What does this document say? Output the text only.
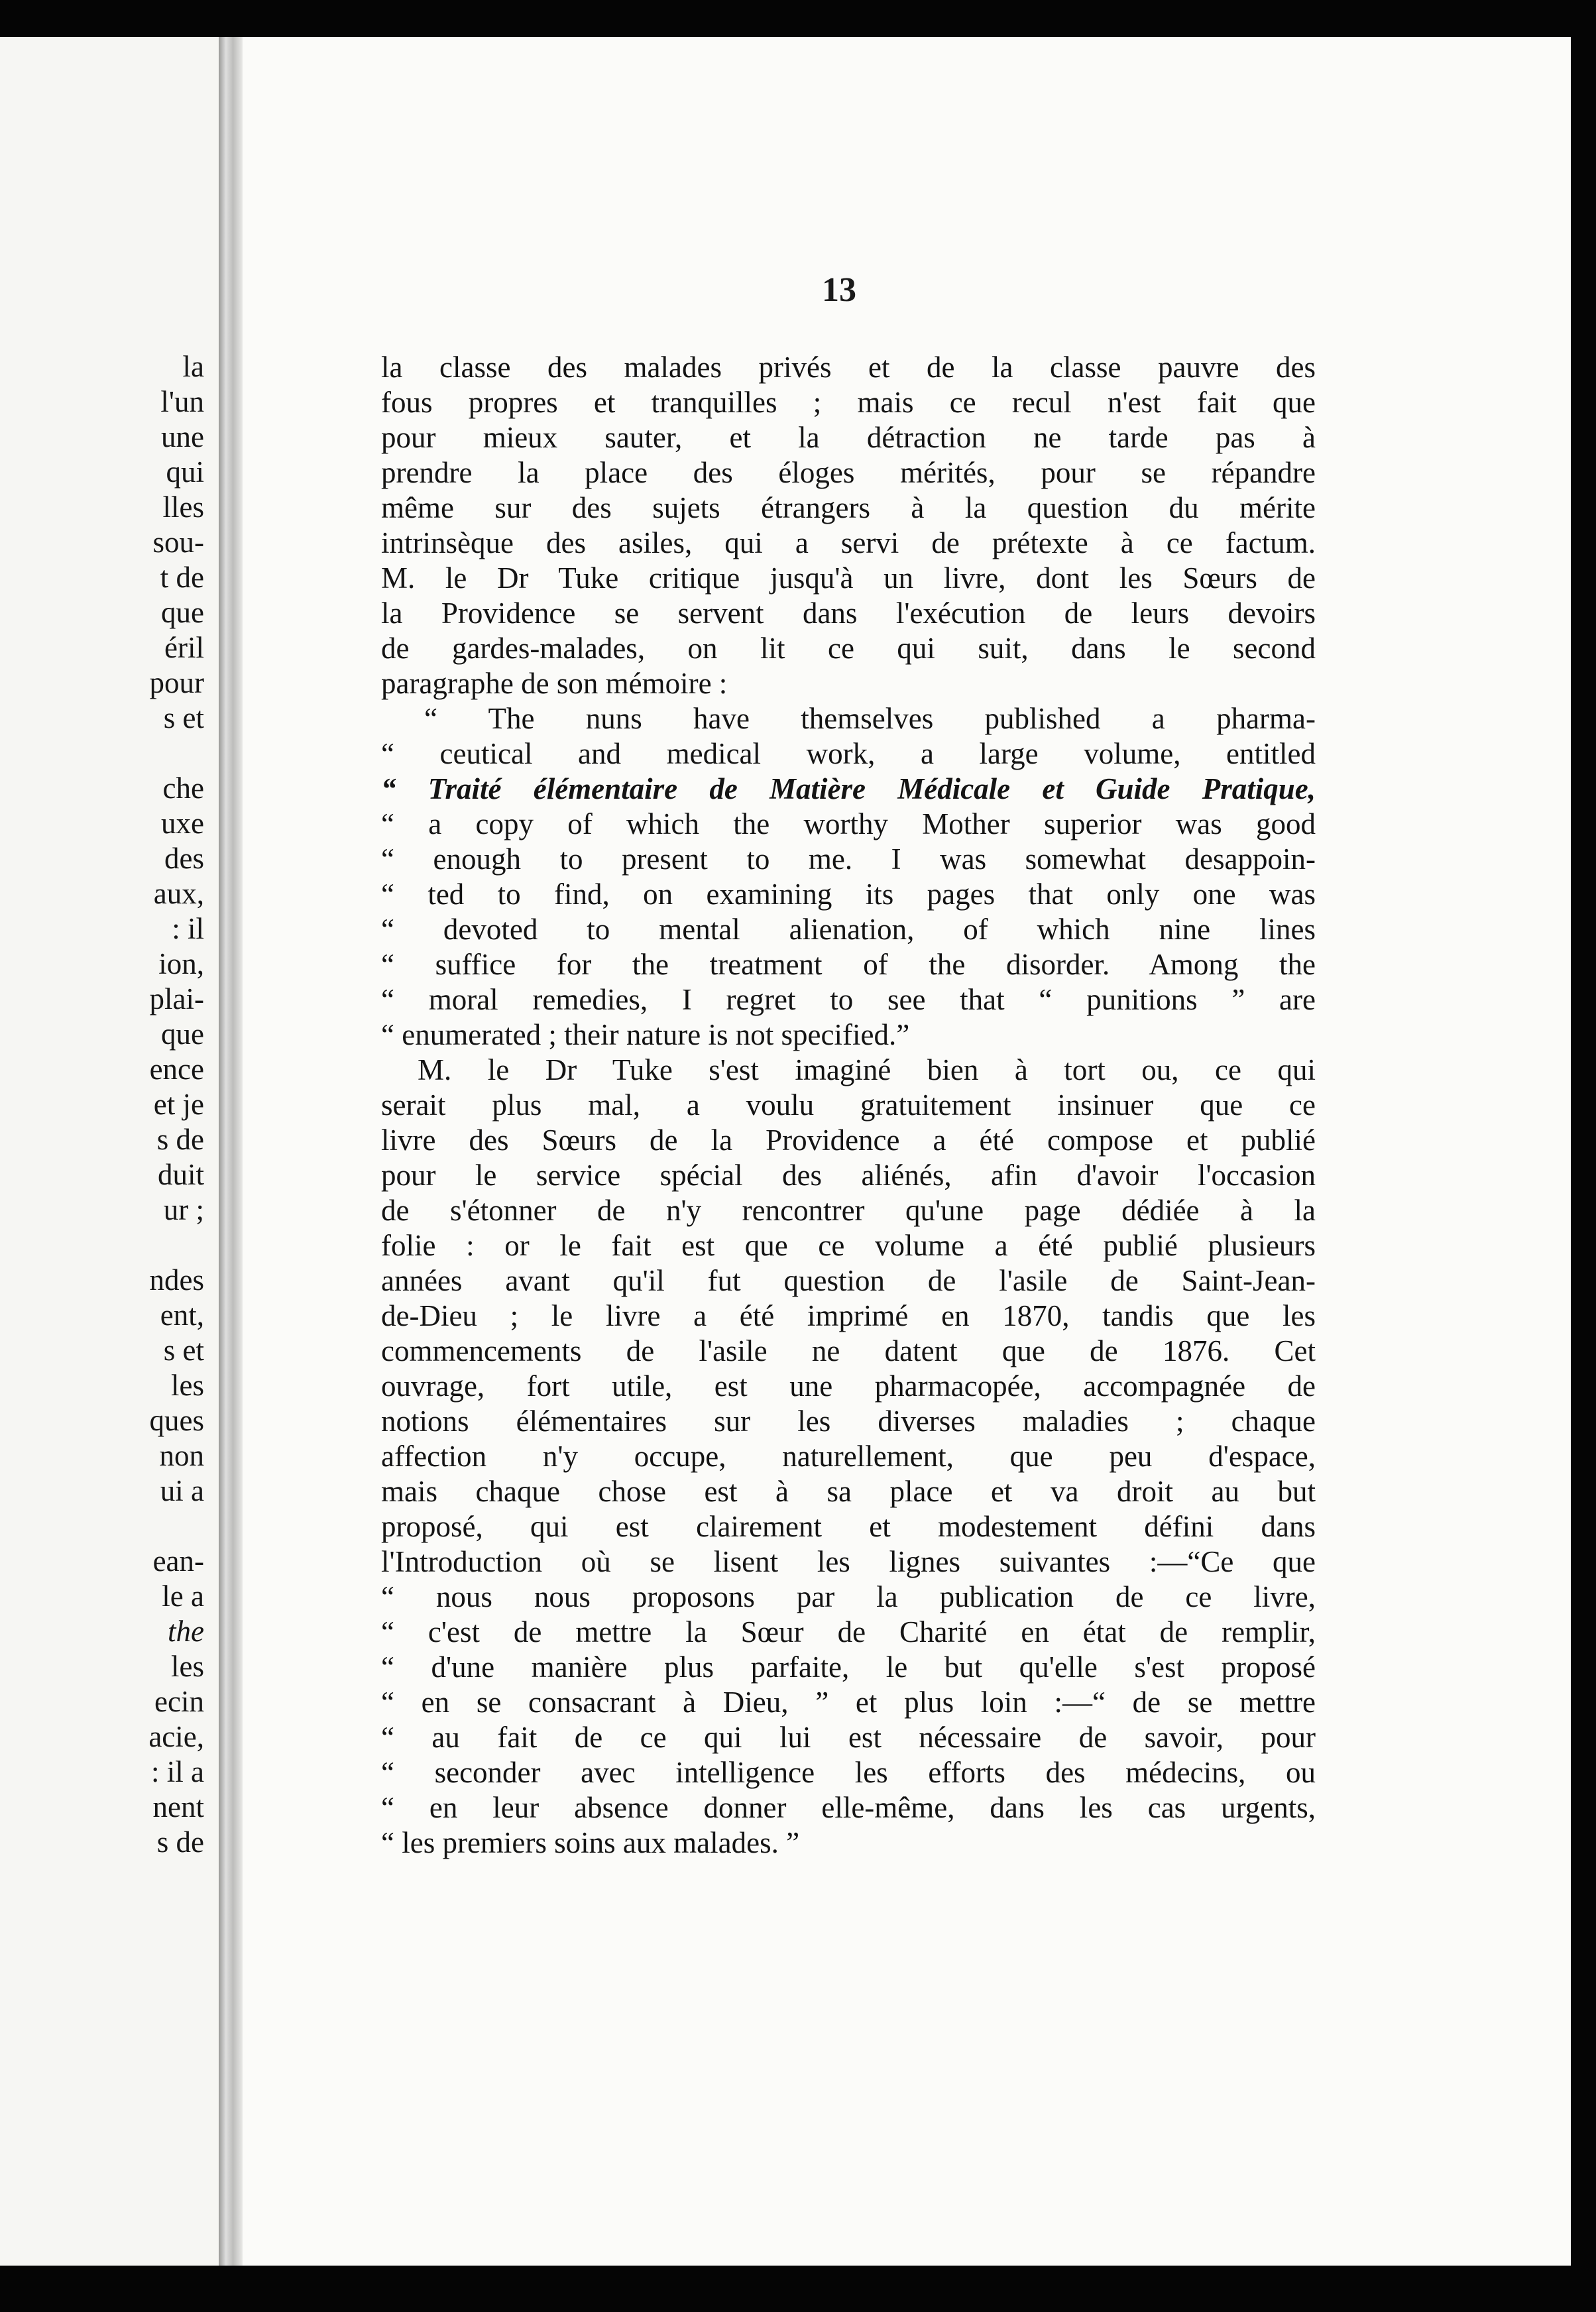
la
l'un
une
qui
lles
sou-
t de
que
éril
pour
s et
che
uxe
des
aux,
: il
ion,
plai-
que
ence
et je
s de
duit
ur ;
ndes
ent,
s et
les
ques
non
ui a
ean-
le a
the
les
ecin
acie,
: il a
nent
s de
13
la classe des malades privés et de la classe pauvre des
fous propres et tranquilles ; mais ce recul n'est fait que
pour mieux sauter, et la détraction ne tarde pas à
prendre la place des éloges mérités, pour se répandre
même sur des sujets étrangers à la question du mérite
intrinsèque des asiles, qui a servi de prétexte à ce factum.
M. le Dr Tuke critique jusqu'à un livre, dont les Sœurs de
la Providence se servent dans l'exécution de leurs devoirs
de gardes-malades, on lit ce qui suit, dans le second
paragraphe de son mémoire :
“ The nuns have themselves published a pharma-
“ ceutical and medical work, a large volume, entitled
“ Traité élémentaire de Matière Médicale et Guide Pratique,
“ a copy of which the worthy Mother superior was good
“ enough to present to me. I was somewhat desappoin-
“ ted to find, on examining its pages that only one was
“ devoted to mental alienation, of which nine lines
“ suffice for the treatment of the disorder. Among the
“ moral remedies, I regret to see that “ punitions ” are
“ enumerated ; their nature is not specified.”
M. le Dr Tuke s'est imaginé bien à tort ou, ce qui
serait plus mal, a voulu gratuitement insinuer que ce
livre des Sœurs de la Providence a été compose et publié
pour le service spécial des aliénés, afin d'avoir l'occasion
de s'étonner de n'y rencontrer qu'une page dédiée à la
folie : or le fait est que ce volume a été publié plusieurs
années avant qu'il fut question de l'asile de Saint-Jean-
de-Dieu ; le livre a été imprimé en 1870, tandis que les
commencements de l'asile ne datent que de 1876. Cet
ouvrage, fort utile, est une pharmacopée, accompagnée de
notions élémentaires sur les diverses maladies ; chaque
affection n'y occupe, naturellement, que peu d'espace,
mais chaque chose est à sa place et va droit au but
proposé, qui est clairement et modestement défini dans
l'Introduction où se lisent les lignes suivantes :—“Ce que
“ nous nous proposons par la publication de ce livre,
“ c'est de mettre la Sœur de Charité en état de remplir,
“ d'une manière plus parfaite, le but qu'elle s'est proposé
“ en se consacrant à Dieu, ” et plus loin :—“ de se mettre
“ au fait de ce qui lui est nécessaire de savoir, pour
“ seconder avec intelligence les efforts des médecins, ou
“ en leur absence donner elle-même, dans les cas urgents,
“ les premiers soins aux malades. ”
